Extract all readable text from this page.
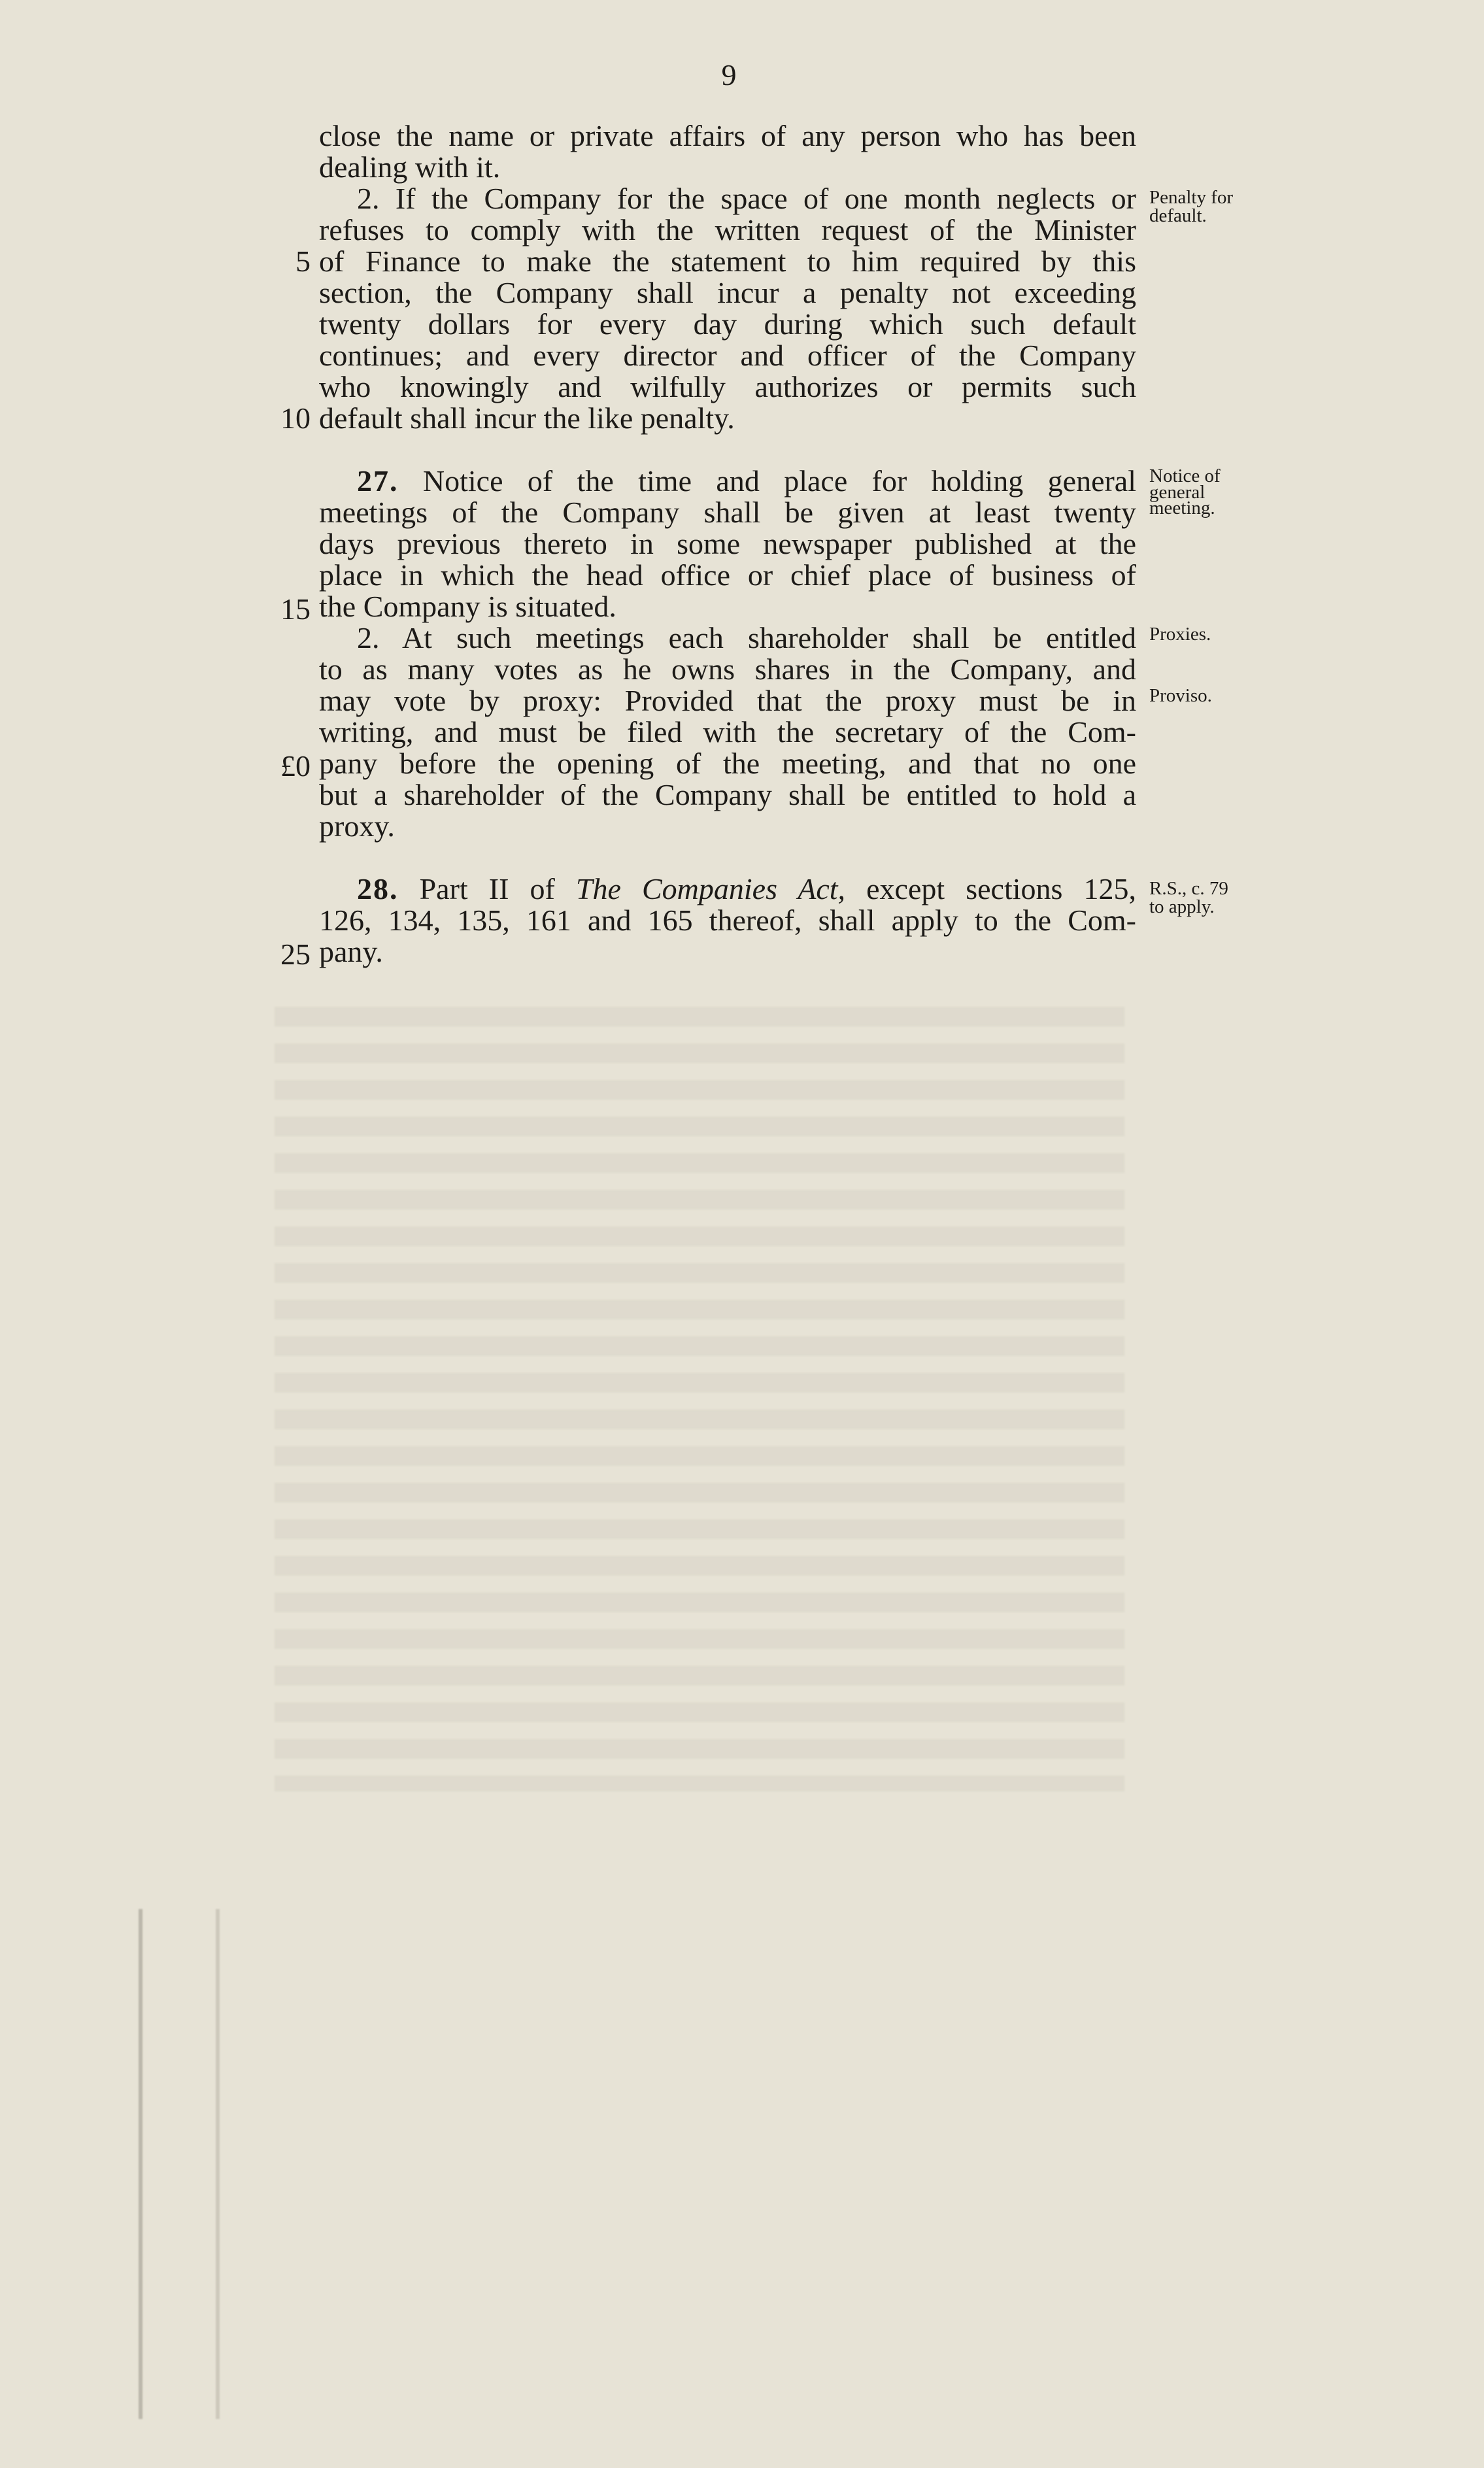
9
close the name or private affairs of any person who has been
dealing with it.
2. If the Company for the space of one month neglects or
refuses to comply with the written request of the Minister
5 of Finance to make the statement to him required by this
section, the Company shall incur a penalty not exceeding
twenty dollars for every day during which such default
continues; and every director and officer of the Company
who knowingly and wilfully authorizes or permits such
10 default shall incur the like penalty.
27. Notice of the time and place for holding general
meetings of the Company shall be given at least twenty
days previous thereto in some newspaper published at the
place in which the head office or chief place of business of
15 the Company is situated.
2. At such meetings each shareholder shall be entitled
to as many votes as he owns shares in the Company, and
may vote by proxy: Provided that the proxy must be in
writing, and must be filed with the secretary of the Com-
£0 pany before the opening of the meeting, and that no one
but a shareholder of the Company shall be entitled to hold a
proxy.
28. Part II of The Companies Act, except sections 125,
126, 134, 135, 161 and 165 thereof, shall apply to the Com-
25 pany.
Penalty for
default.
Notice of
general
meeting.
Proxies.
Proviso.
R.S., c. 79
to apply.
